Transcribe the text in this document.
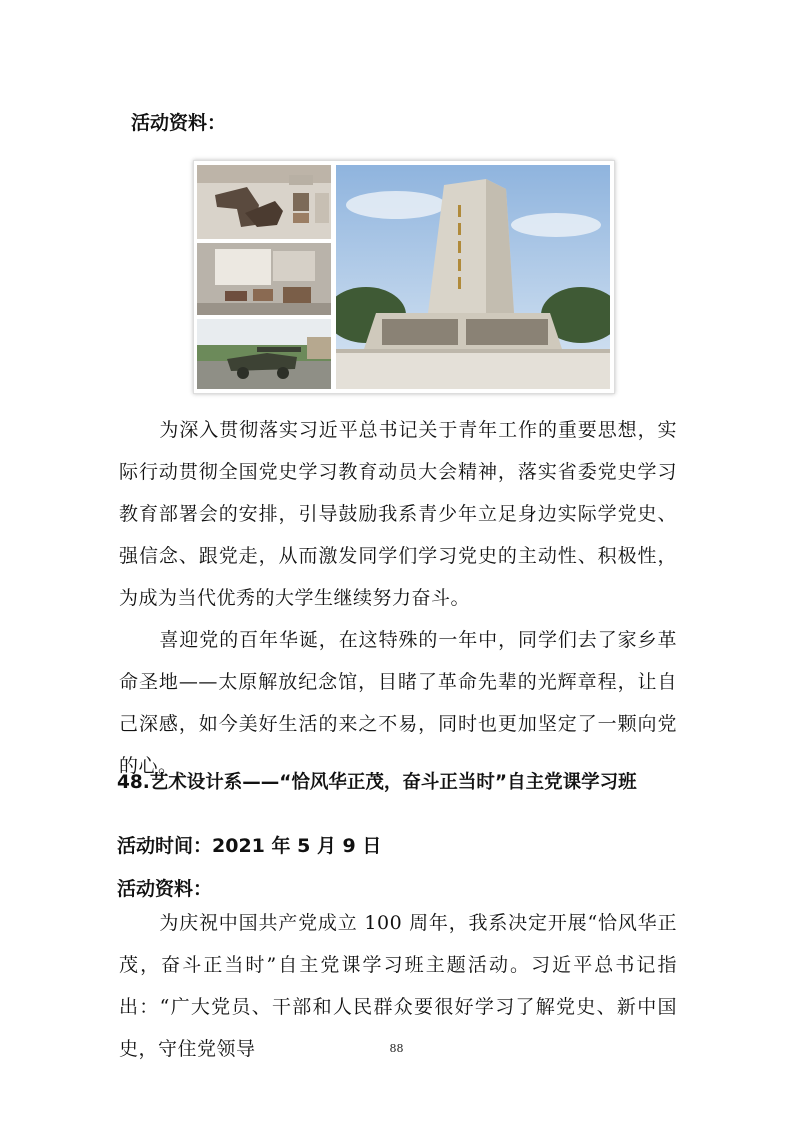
活动资料：
为深入贯彻落实习近平总书记关于青年工作的重要思想，实际行动贯彻全国党史学习教育动员大会精神，落实省委党史学习教育部署会的安排，引导鼓励我系青少年立足身边实际学党史、强信念、跟党走，从而激发同学们学习党史的主动性、积极性，为成为当代优秀的大学生继续努力奋斗。
喜迎党的百年华诞，在这特殊的一年中，同学们去了家乡革命圣地——太原解放纪念馆，目睹了革命先辈的光辉章程，让自己深感，如今美好生活的来之不易，同时也更加坚定了一颗向党的心。
48.艺术设计系——“恰风华正茂，奋斗正当时”自主党课学习班
活动时间：2021 年 5 月 9 日
活动资料：
为庆祝中国共产党成立 100 周年，我系决定开展“恰风华正茂，奋斗正当时”自主党课学习班主题活动。习近平总书记指出：“广大党员、干部和人民群众要很好学习了解党史、新中国史，守住党领导	88
